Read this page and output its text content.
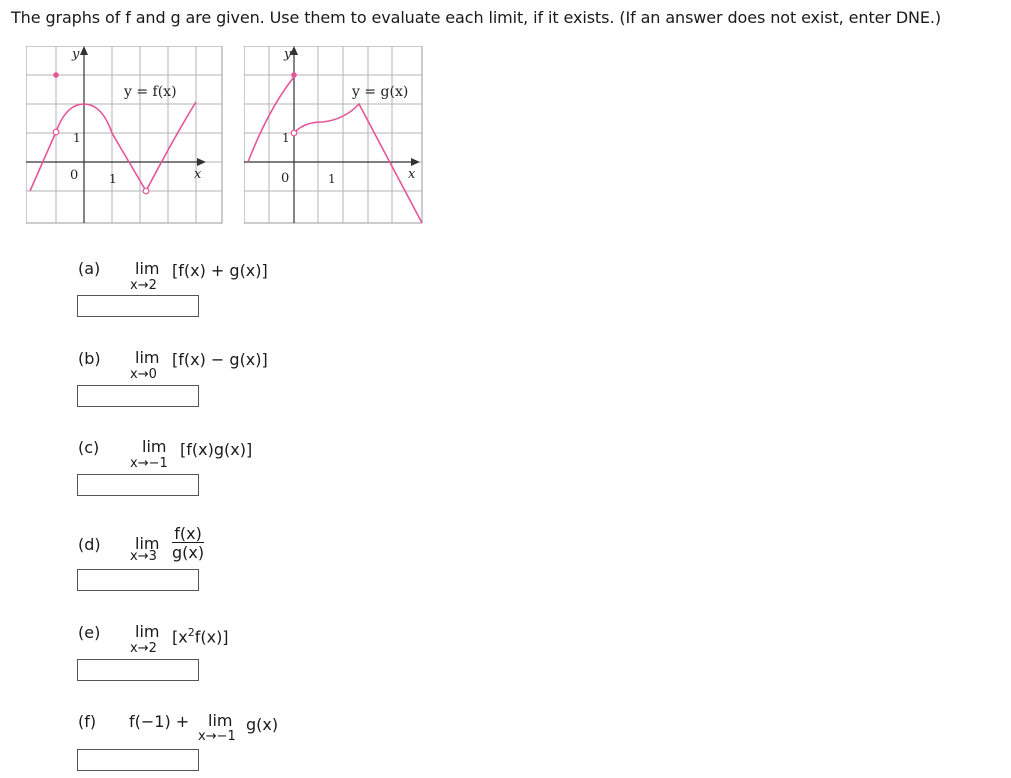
The graphs of f and g are given. Use them to evaluate each limit, if it exists. (If an answer does not exist, enter DNE.)
y
y = f(x)
1
0	1	x
y
y = g(x)
1
0	1	x
(a) lim
x→2
[f(x) + g(x)]
(b) lim
x→0
[f(x) − g(x)]
(c)	lim
x→−1
[f(x)g(x)]
(d) lim
$x\to 3 \frac{f(x)}{g(x)}$
(e) lim
x→2
$[x^2f(x)]$
(f) f(−1) + lim
x→−1
g(x)
